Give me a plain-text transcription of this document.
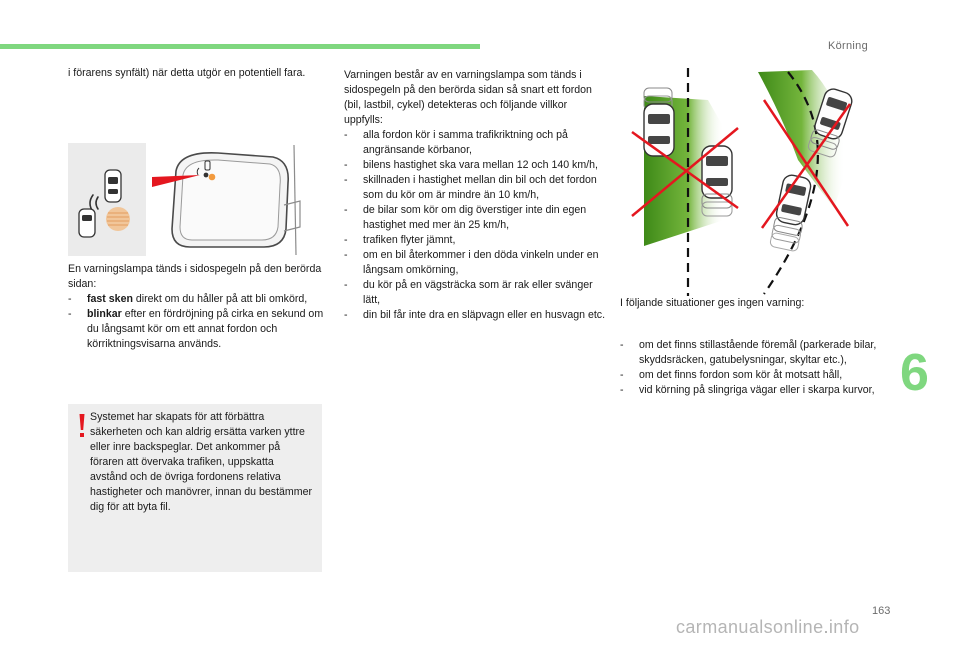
Körning
6
163
carmanualsonline.info

i förarens synfält) när detta utgör en potentiell fara.

En varningslampa tänds i sidospegeln på den berörda sidan:

- fast sken direkt om du håller på att bli omkörd,
- blinkar efter en fördröjning på cirka en sekund om du långsamt kör om ett annat fordon och körriktningsvisarna används.

Systemet har skapats för att förbättra säkerheten och kan aldrig ersätta varken yttre eller inre backspeglar. Det ankommer på föraren att övervaka trafiken, uppskatta avstånd och de övriga fordonens relativa hastigheter och manövrer, innan du bestämmer dig för att byta fil.

Varningen består av en varningslampa som tänds i sidospegeln på den berörda sidan så snart ett fordon (bil, lastbil, cykel) detekteras och följande villkor uppfylls:

- alla fordon kör i samma trafikriktning och på angränsande körbanor,
- bilens hastighet ska vara mellan 12 och 140 km/h,
- skillnaden i hastighet mellan din bil och det fordon som du kör om är mindre än 10 km/h,
- de bilar som kör om dig överstiger inte din egen hastighet med mer än 25 km/h,
- trafiken flyter jämnt,
- om en bil återkommer i den döda vinkeln under en långsam omkörning,
- du kör på en vägsträcka som är rak eller svänger lätt,
- din bil får inte dra en släpvagn eller en husvagn etc.

I följande situationer ges ingen varning:

- om det finns stillastående föremål (parkerade bilar, skyddsräcken, gatubelysningar, skyltar etc.),
- om det finns fordon som kör åt motsatt håll,
- vid körning på slingriga vägar eller i skarpa kurvor,
